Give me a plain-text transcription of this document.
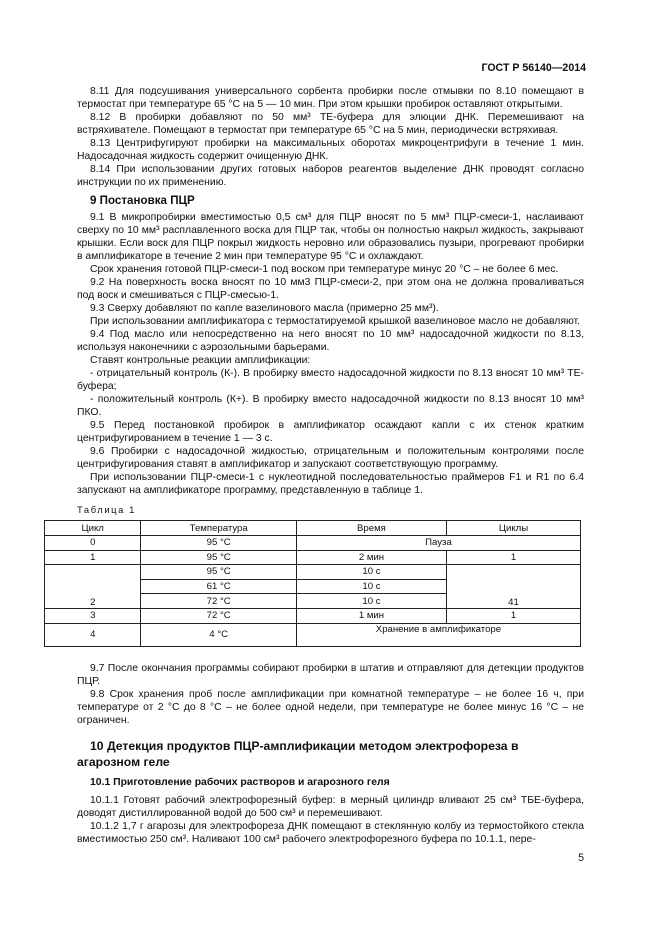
ГОСТ Р 56140—2014

8.11 Для подсушивания универсального сорбента пробирки после отмывки по 8.10 помещают в термостат при температуре 65 °C на 5 — 10 мин. При этом крышки пробирок оставляют открытыми.

8.12 В пробирки добавляют по 50 мм³ ТЕ-буфера для элюции ДНК. Перемешивают на встряхивателе. Помещают в термостат при температуре 65 °C на 5 мин, периодически встряхивая.

8.13 Центрифугируют пробирки на максимальных оборотах микроцентрифуги в течение 1 мин. Надосадочная жидкость содержит очищенную ДНК.

8.14 При использовании других готовых наборов реагентов выделение ДНК проводят согласно инструкции по их применению.

9 Постановка ПЦР

9.1 В микропробирки вместимостью 0,5 см³ для ПЦР вносят по 5 мм³ ПЦР-смеси-1, наслаивают сверху по 10 мм³ расплавленного воска для ПЦР так, чтобы он полностью накрыл жидкость, закрывают крышки. Если воск для ПЦР покрыл жидкость неровно или образовались пузыри, прогревают пробирки в амплификаторе в течение 2 мин при температуре 95 °C и охлаждают.

Срок хранения готовой ПЦР-смеси-1 под воском при температуре минус 20 °C – не более 6 мес.

9.2 На поверхность воска вносят по 10 мм3 ПЦР-смеси-2, при этом она не должна проваливаться под воск и смешиваться с ПЦР-смесью-1.

9.3 Сверху добавляют по капле вазелинового масла (примерно 25 мм³).

При использовании амплификатора с термостатируемой крышкой вазелиновое масло не добавляют.

9.4 Под масло или непосредственно на него вносят по 10 мм³ надосадочной жидкости по 8.13, используя наконечники с аэрозольными барьерами.

Ставят контрольные реакции амплификации:

- отрицательный контроль (К-). В пробирку вместо надосадочной жидкости по 8.13 вносят 10 мм³ ТЕ-буфера;

- положительный контроль (К+). В пробирку вместо надосадочной жидкости по 8.13 вносят 10 мм³ ПКО.

9.5 Перед постановкой пробирок в амплификатор осаждают капли с их стенок кратким центрифугированием в течение 1 — 3 с.

9.6 Пробирки с надосадочной жидкостью, отрицательным и положительным контролями после центрифугирования ставят в амплификатор и запускают соответствующую программу.

При использовании ПЦР-смеси-1 с нуклеотидной последовательностью праймеров F1 и R1 по 6.4 запускают на амплификаторе программу, представленную в таблице 1.

Таблица 1
Цикл	Температура	Время	Циклы
0	95 °C	Пауза	
1	95 °C	2 мин	1
2	95 °C	10 с	41
	61 °C	10 с	
	72 °C	10 с	
3	72 °C	1 мин	1
4	4 °C	Хранение в амплификаторе	

9.7 После окончания программы собирают пробирки в штатив и отправляют для детекции продуктов ПЦР.

9.8 Срок хранения проб после амплификации при комнатной температуре – не более 16 ч, при температуре от 2 °C до 8 °C – не более одной недели, при температуре не более минус 16 °C – не ограничен.

10 Детекция продуктов ПЦР-амплификации методом электрофореза в агарозном геле
10.1 Приготовление рабочих растворов и агарозного геля

10.1.1 Готовят рабочий электрофорезный буфер: в мерный цилиндр вливают 25 см³ ТБЕ-буфера, доводят дистиллированной водой до 500 см³ и перемешивают.

10.1.2 1,7 г агарозы для электрофореза ДНК помещают в стеклянную колбу из термостойкого стекла вместимостью 250 см³. Наливают 100 см³ рабочего электрофорезного буфера по 10.1.1, пере-

5
